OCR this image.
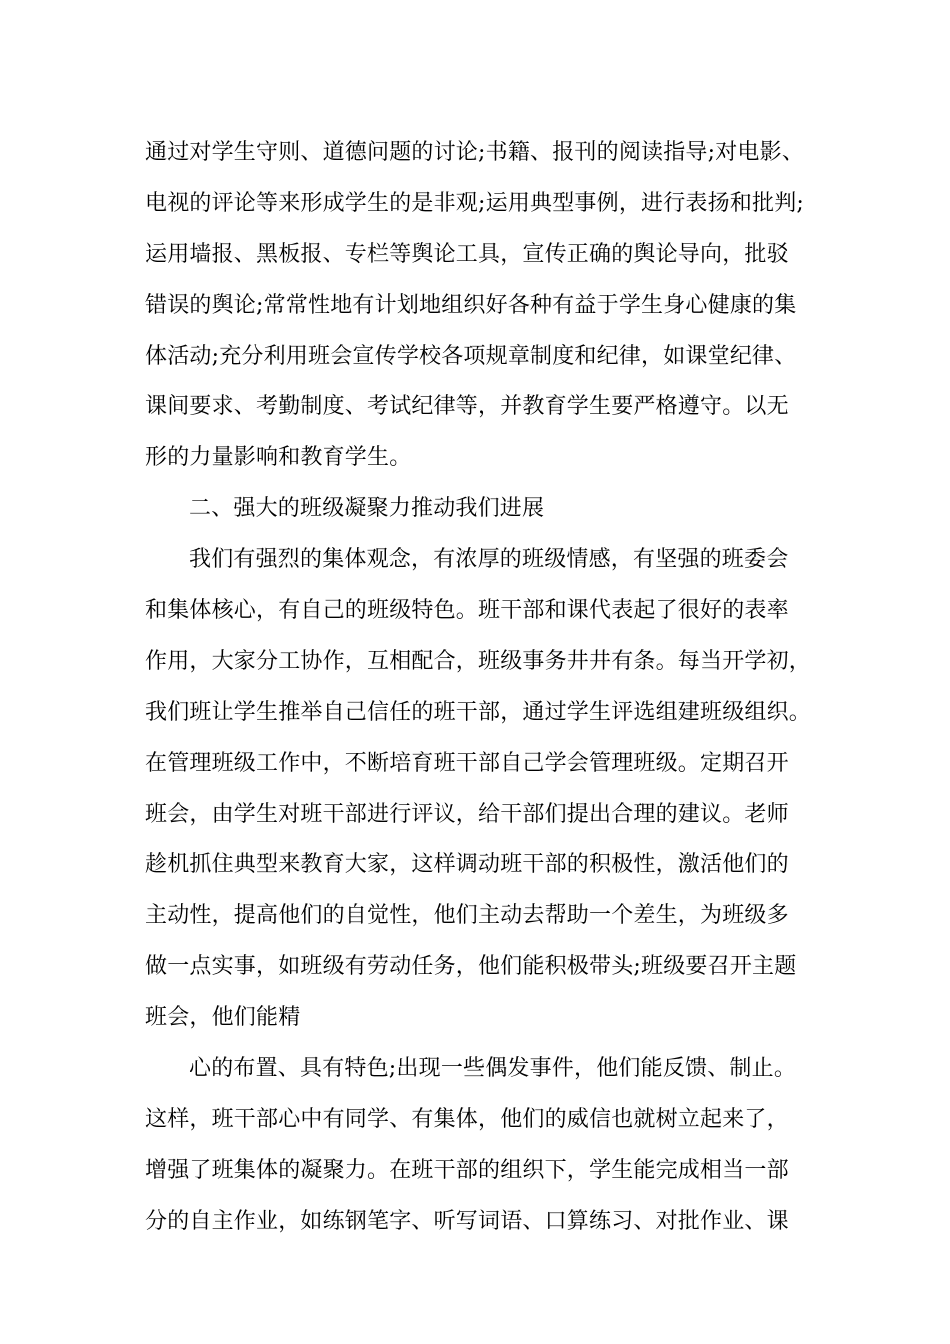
通过对学生守则、道德问题的讨论;书籍、报刊的阅读指导;对电影、
电视的评论等来形成学生的是非观;运用典型事例，进行表扬和批判;
运用墙报、黑板报、专栏等舆论工具，宣传正确的舆论导向，批驳
错误的舆论;常常性地有计划地组织好各种有益于学生身心健康的集
体活动;充分利用班会宣传学校各项规章制度和纪律，如课堂纪律、
课间要求、考勤制度、考试纪律等，并教育学生要严格遵守。以无
形的力量影响和教育学生。
二、强大的班级凝聚力推动我们进展
我们有强烈的集体观念，有浓厚的班级情感，有坚强的班委会
和集体核心，有自己的班级特色。班干部和课代表起了很好的表率
作用，大家分工协作，互相配合，班级事务井井有条。每当开学初，
我们班让学生推举自己信任的班干部，通过学生评选组建班级组织。
在管理班级工作中，不断培育班干部自己学会管理班级。定期召开
班会，由学生对班干部进行评议，给干部们提出合理的建议。老师
趁机抓住典型来教育大家，这样调动班干部的积极性，激活他们的
主动性，提高他们的自觉性，他们主动去帮助一个差生，为班级多
做一点实事，如班级有劳动任务，他们能积极带头;班级要召开主题
班会，他们能精
心的布置、具有特色;出现一些偶发事件，他们能反馈、制止。
这样，班干部心中有同学、有集体，他们的威信也就树立起来了，
增强了班集体的凝聚力。在班干部的组织下，学生能完成相当一部
分的自主作业，如练钢笔字、听写词语、口算练习、对批作业、课
